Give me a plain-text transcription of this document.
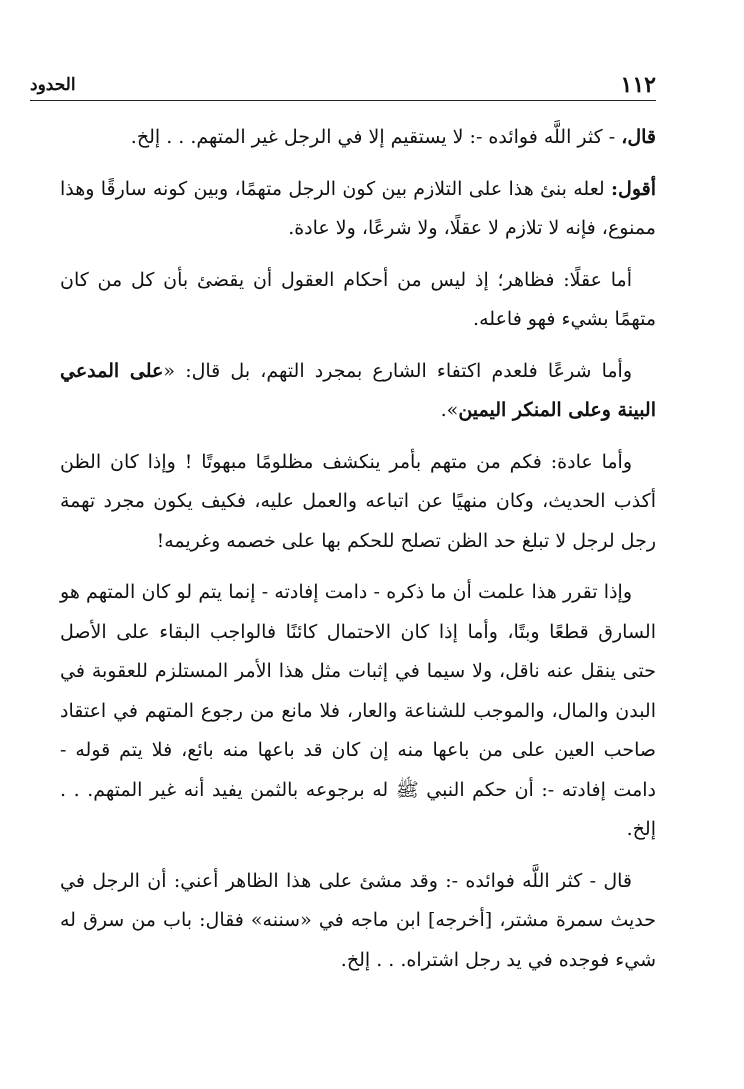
١١٢
الحدود

قال، - كثر اللَّه فوائده -: لا يستقيم إلا في الرجل غير المتهم. . . إلخ.

أقول: لعله بنئ هذا على التلازم بين كون الرجل متهمًا، وبين كونه سارقًا وهذا ممنوع، فإنه لا تلازم لا عقلًا، ولا شرعًا، ولا عادة.

أما عقلًا: فظاهر؛ إذ ليس من أحكام العقول أن يقضئ بأن كل من كان متهمًا بشيء فهو فاعله.

وأما شرعًا فلعدم اكتفاء الشارع بمجرد التهم، بل قال: «على المدعي البينة وعلى المنكر اليمين».

وأما عادة: فكم من متهم بأمر ينكشف مظلومًا مبهوتًا ! وإذا كان الظن أكذب الحديث، وكان منهيًا عن اتباعه والعمل عليه، فكيف يكون مجرد تهمة رجل لرجل لا تبلغ حد الظن تصلح للحكم بها على خصمه وغريمه!

وإذا تقرر هذا علمت أن ما ذكره - دامت إفادته - إنما يتم لو كان المتهم هو السارق قطعًا وبتًا، وأما إذا كان الاحتمال كائنًا فالواجب البقاء على الأصل حتى ينقل عنه ناقل، ولا سيما في إثبات مثل هذا الأمر المستلزم للعقوبة في البدن والمال، والموجب للشناعة والعار، فلا مانع من رجوع المتهم في اعتقاد صاحب العين على من باعها منه إن كان قد باعها منه بائع، فلا يتم قوله - دامت إفادته -: أن حكم النبي ﷺ له برجوعه بالثمن يفيد أنه غير المتهم. . . إلخ.

قال - كثر اللَّه فوائده -: وقد مشئ على هذا الظاهر أعني: أن الرجل في حديث سمرة مشتر، [أخرجه] ابن ماجه في «سننه» فقال: باب من سرق له شيء فوجده في يد رجل اشتراه. . . إلخ.
